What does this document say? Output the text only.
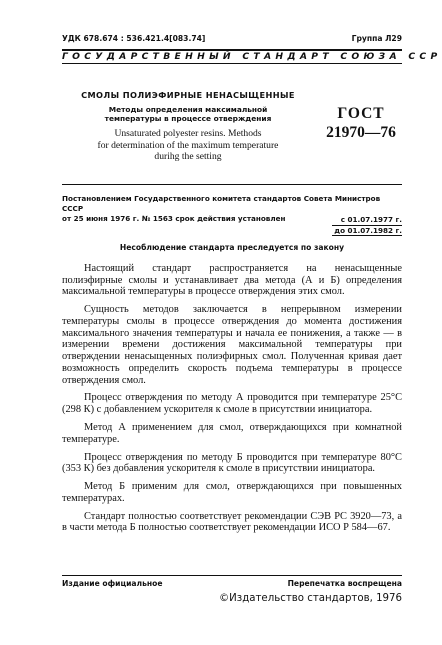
УДК 678.674 : 536.421.4[083.74]	Группа Л29
ГОСУДАРСТВЕННЫЙ СТАНДАРТ СОЮЗА ССР
СМОЛЫ ПОЛИЭФИРНЫЕ НЕНАСЫЩЕННЫЕ
Методы определения максимальной
температуры в процессе отверждения
Unsaturated polyester resins. Methods
for determination of the maximum temperature
durihg the setting
ГОСТ
21970—76
Постановлением Государственного комитета стандартов Совета Министров СССР
от 25 июня 1976 г. № 1563 срок действия установлен	с 01.07.1977 г.
до 01.07.1982 г.
Несоблюдение стандарта преследуется по закону

Настоящий стандарт распространяется на ненасыщенные полиэфирные смолы и устанавливает два метода (А и Б) определения максимальной температуры в процессе отверждения этих смол.

Сущность методов заключается в непрерывном измерении температуры смолы в процессе отверждения до момента достижения максимального значения температуры и начала ее понижения, а также — в измерении времени достижения максимальной температуры при отверждении ненасыщенных полиэфирных смол. Полученная кривая дает возможность определить скорость подъема температуры в процессе отверждения смол.

Процесс отверждения по методу А проводится при температуре 25°С (298 К) с добавлением ускорителя к смоле в присутствии инициатора.

Метод А применением для смол, отверждающихся при комнатной температуре.

Процесс отверждения по методу Б проводится при температуре 80°С (353 К) без добавления ускорителя к смоле в присутствии инициатора.

Метод Б применим для смол, отверждающихся при повышенных температурах.

Стандарт полностью соответствует рекомендации СЭВ PC 3920—73, а в части метода Б полностью соответствует рекомендации ИСО Р 584—67.

Издание официальное	Перепечатка воспрещена
©Издательство стандартов, 1976
